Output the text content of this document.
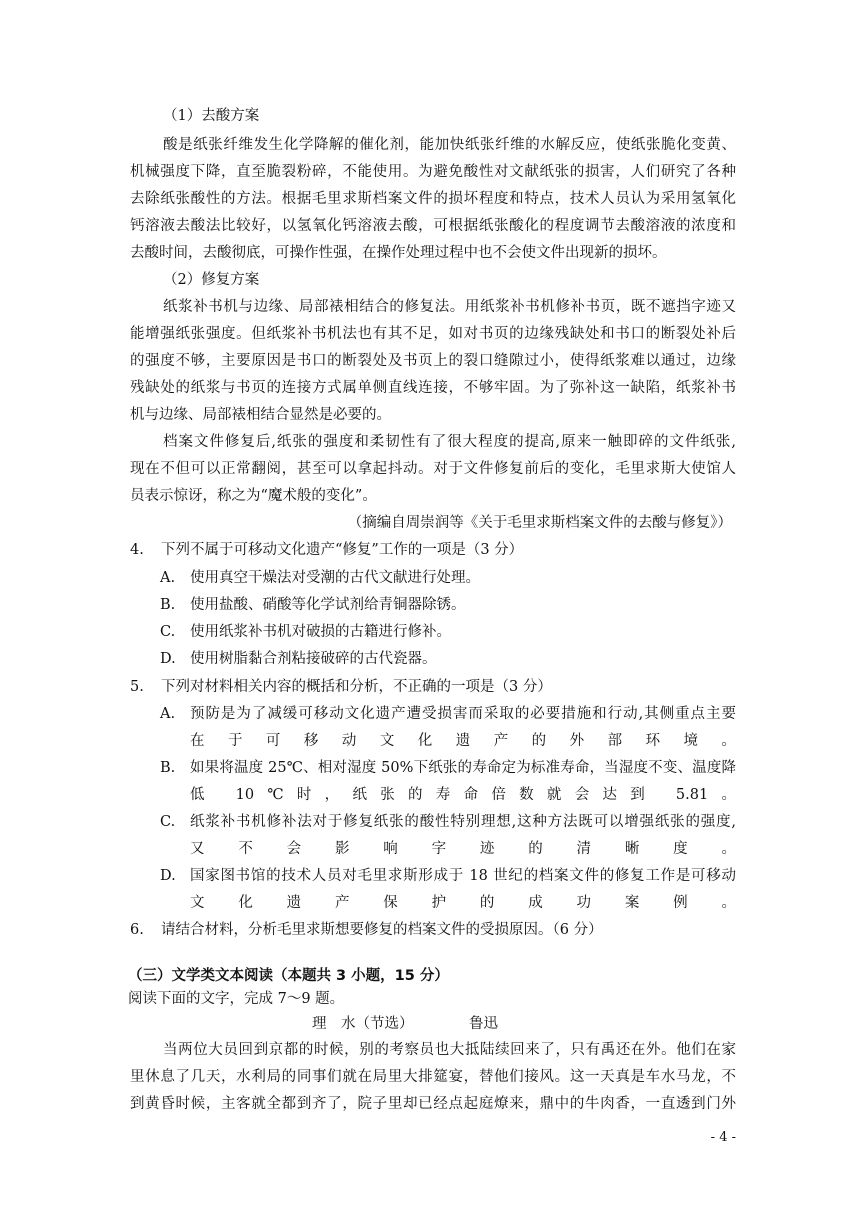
（1）去酸方案
酸是纸张纤维发生化学降解的催化剂，能加快纸张纤维的水解反应，使纸张脆化变黄、
机械强度下降，直至脆裂粉碎，不能使用。为避免酸性对文献纸张的损害，人们研究了各种
去除纸张酸性的方法。根据毛里求斯档案文件的损坏程度和特点，技术人员认为采用氢氧化
钙溶液去酸法比较好，以氢氧化钙溶液去酸，可根据纸张酸化的程度调节去酸溶液的浓度和
去酸时间，去酸彻底，可操作性强，在操作处理过程中也不会使文件出现新的损坏。
（2）修复方案
纸浆补书机与边缘、局部裱相结合的修复法。用纸浆补书机修补书页，既不遮挡字迹又
能增强纸张强度。但纸浆补书机法也有其不足，如对书页的边缘残缺处和书口的断裂处补后
的强度不够，主要原因是书口的断裂处及书页上的裂口缝隙过小，使得纸浆难以通过，边缘
残缺处的纸浆与书页的连接方式属单侧直线连接，不够牢固。为了弥补这一缺陷，纸浆补书
机与边缘、局部裱相结合显然是必要的。
档案文件修复后,纸张的强度和柔韧性有了很大程度的提高,原来一触即碎的文件纸张,
现在不但可以正常翻阅，甚至可以拿起抖动。对于文件修复前后的变化，毛里求斯大使馆人
员表示惊讶，称之为“魔术般的变化”。
（摘编自周崇润等《关于毛里求斯档案文件的去酸与修复》）
4. 下列不属于可移动文化遗产“修复”工作的一项是（3 分）
A. 使用真空干燥法对受潮的古代文献进行处理。
B. 使用盐酸、硝酸等化学试剂给青铜器除锈。
C. 使用纸浆补书机对破损的古籍进行修补。
D. 使用树脂黏合剂粘接破碎的古代瓷器。
5. 下列对材料相关内容的概括和分析，不正确的一项是（3 分）
A. 预防是为了减缓可移动文化遗产遭受损害而采取的必要措施和行动,其侧重点主要
在于可移动文化遗产的外部环境。
B. 如果将温度 25℃、相对湿度 50%下纸张的寿命定为标准寿命，当湿度不变、温度降
低 10℃时，纸张的寿命倍数就会达到 5.81。
C. 纸浆补书机修补法对于修复纸张的酸性特别理想,这种方法既可以增强纸张的强度,
又不会影响字迹的清晰度。
D. 国家图书馆的技术人员对毛里求斯形成于 18 世纪的档案文件的修复工作是可移动
文化遗产保护的成功案例。
6. 请结合材料，分析毛里求斯想要修复的档案文件的受损原因。（6 分）
（三）文学类文本阅读（本题共 3 小题，15 分）
阅读下面的文字，完成 7～9 题。
理　水（节选）	鲁迅
当两位大员回到京都的时候，别的考察员也大抵陆续回来了，只有禹还在外。他们在家
里休息了几天，水利局的同事们就在局里大排筵宴，替他们接风。这一天真是车水马龙，不
到黄昏时候，主客就全都到齐了，院子里却已经点起庭燎来，鼎中的牛肉香，一直透到门外
- 4 -
